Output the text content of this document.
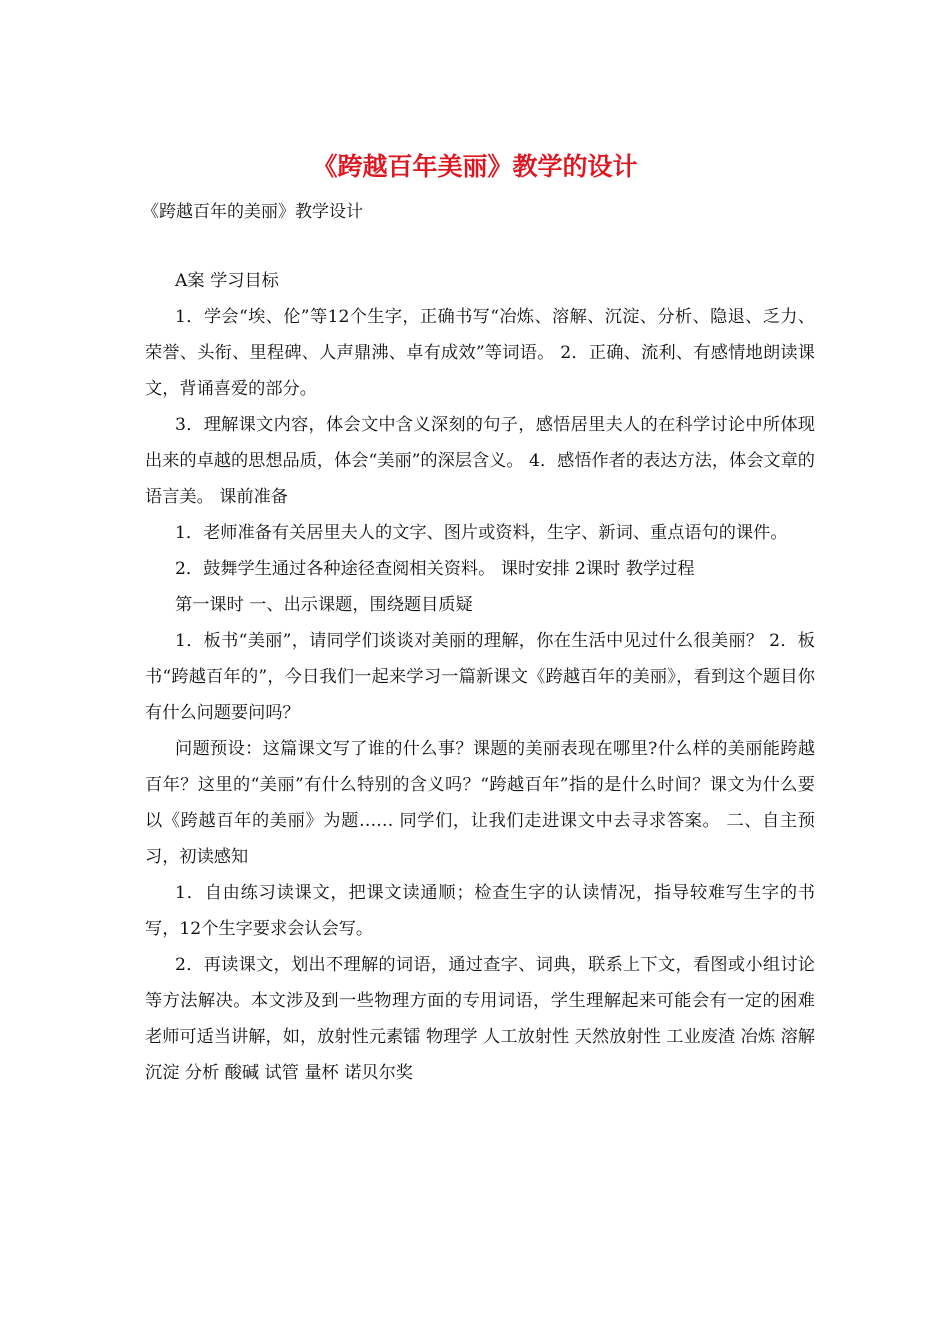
《跨越百年美丽》教学的设计
《跨越百年的美丽》教学设计

A案 学习目标

1．学会“埃、伦”等12个生字，正确书写“冶炼、溶解、沉淀、分析、隐退、乏力、荣誉、头衔、里程碑、人声鼎沸、卓有成效”等词语。 2．正确、流利、有感情地朗读课文，背诵喜爱的部分。

3．理解课文内容，体会文中含义深刻的句子，感悟居里夫人的在科学讨论中所体现出来的卓越的思想品质，体会“美丽”的深层含义。 4．感悟作者的表达方法，体会文章的语言美。 课前准备

1．老师准备有关居里夫人的文字、图片或资料，生字、新词、重点语句的课件。

2．鼓舞学生通过各种途径查阅相关资料。 课时安排 2课时 教学过程

第一课时 一、出示课题，围绕题目质疑

1．板书“美丽”，请同学们谈谈对美丽的理解，你在生活中见过什么很美丽？ 2．板书“跨越百年的”，今日我们一起来学习一篇新课文《跨越百年的美丽》，看到这个题目你有什么问题要问吗？

问题预设：这篇课文写了谁的什么事？课题的美丽表现在哪里?什么样的美丽能跨越百年？这里的“美丽”有什么特别的含义吗？“跨越百年”指的是什么时间？课文为什么要以《跨越百年的美丽》为题…… 同学们，让我们走进课文中去寻求答案。 二、自主预习，初读感知

1．自由练习读课文，把课文读通顺；检查生字的认读情况，指导较难写生字的书写，12个生字要求会认会写。

2．再读课文，划出不理解的词语，通过查字、词典，联系上下文，看图或小组讨论等方法解决。本文涉及到一些物理方面的专用词语，学生理解起来可能会有一定的困难老师可适当讲解，如，放射性元素镭 物理学 人工放射性 天然放射性 工业废渣 冶炼 溶解 沉淀 分析 酸碱 试管 量杯 诺贝尔奖
